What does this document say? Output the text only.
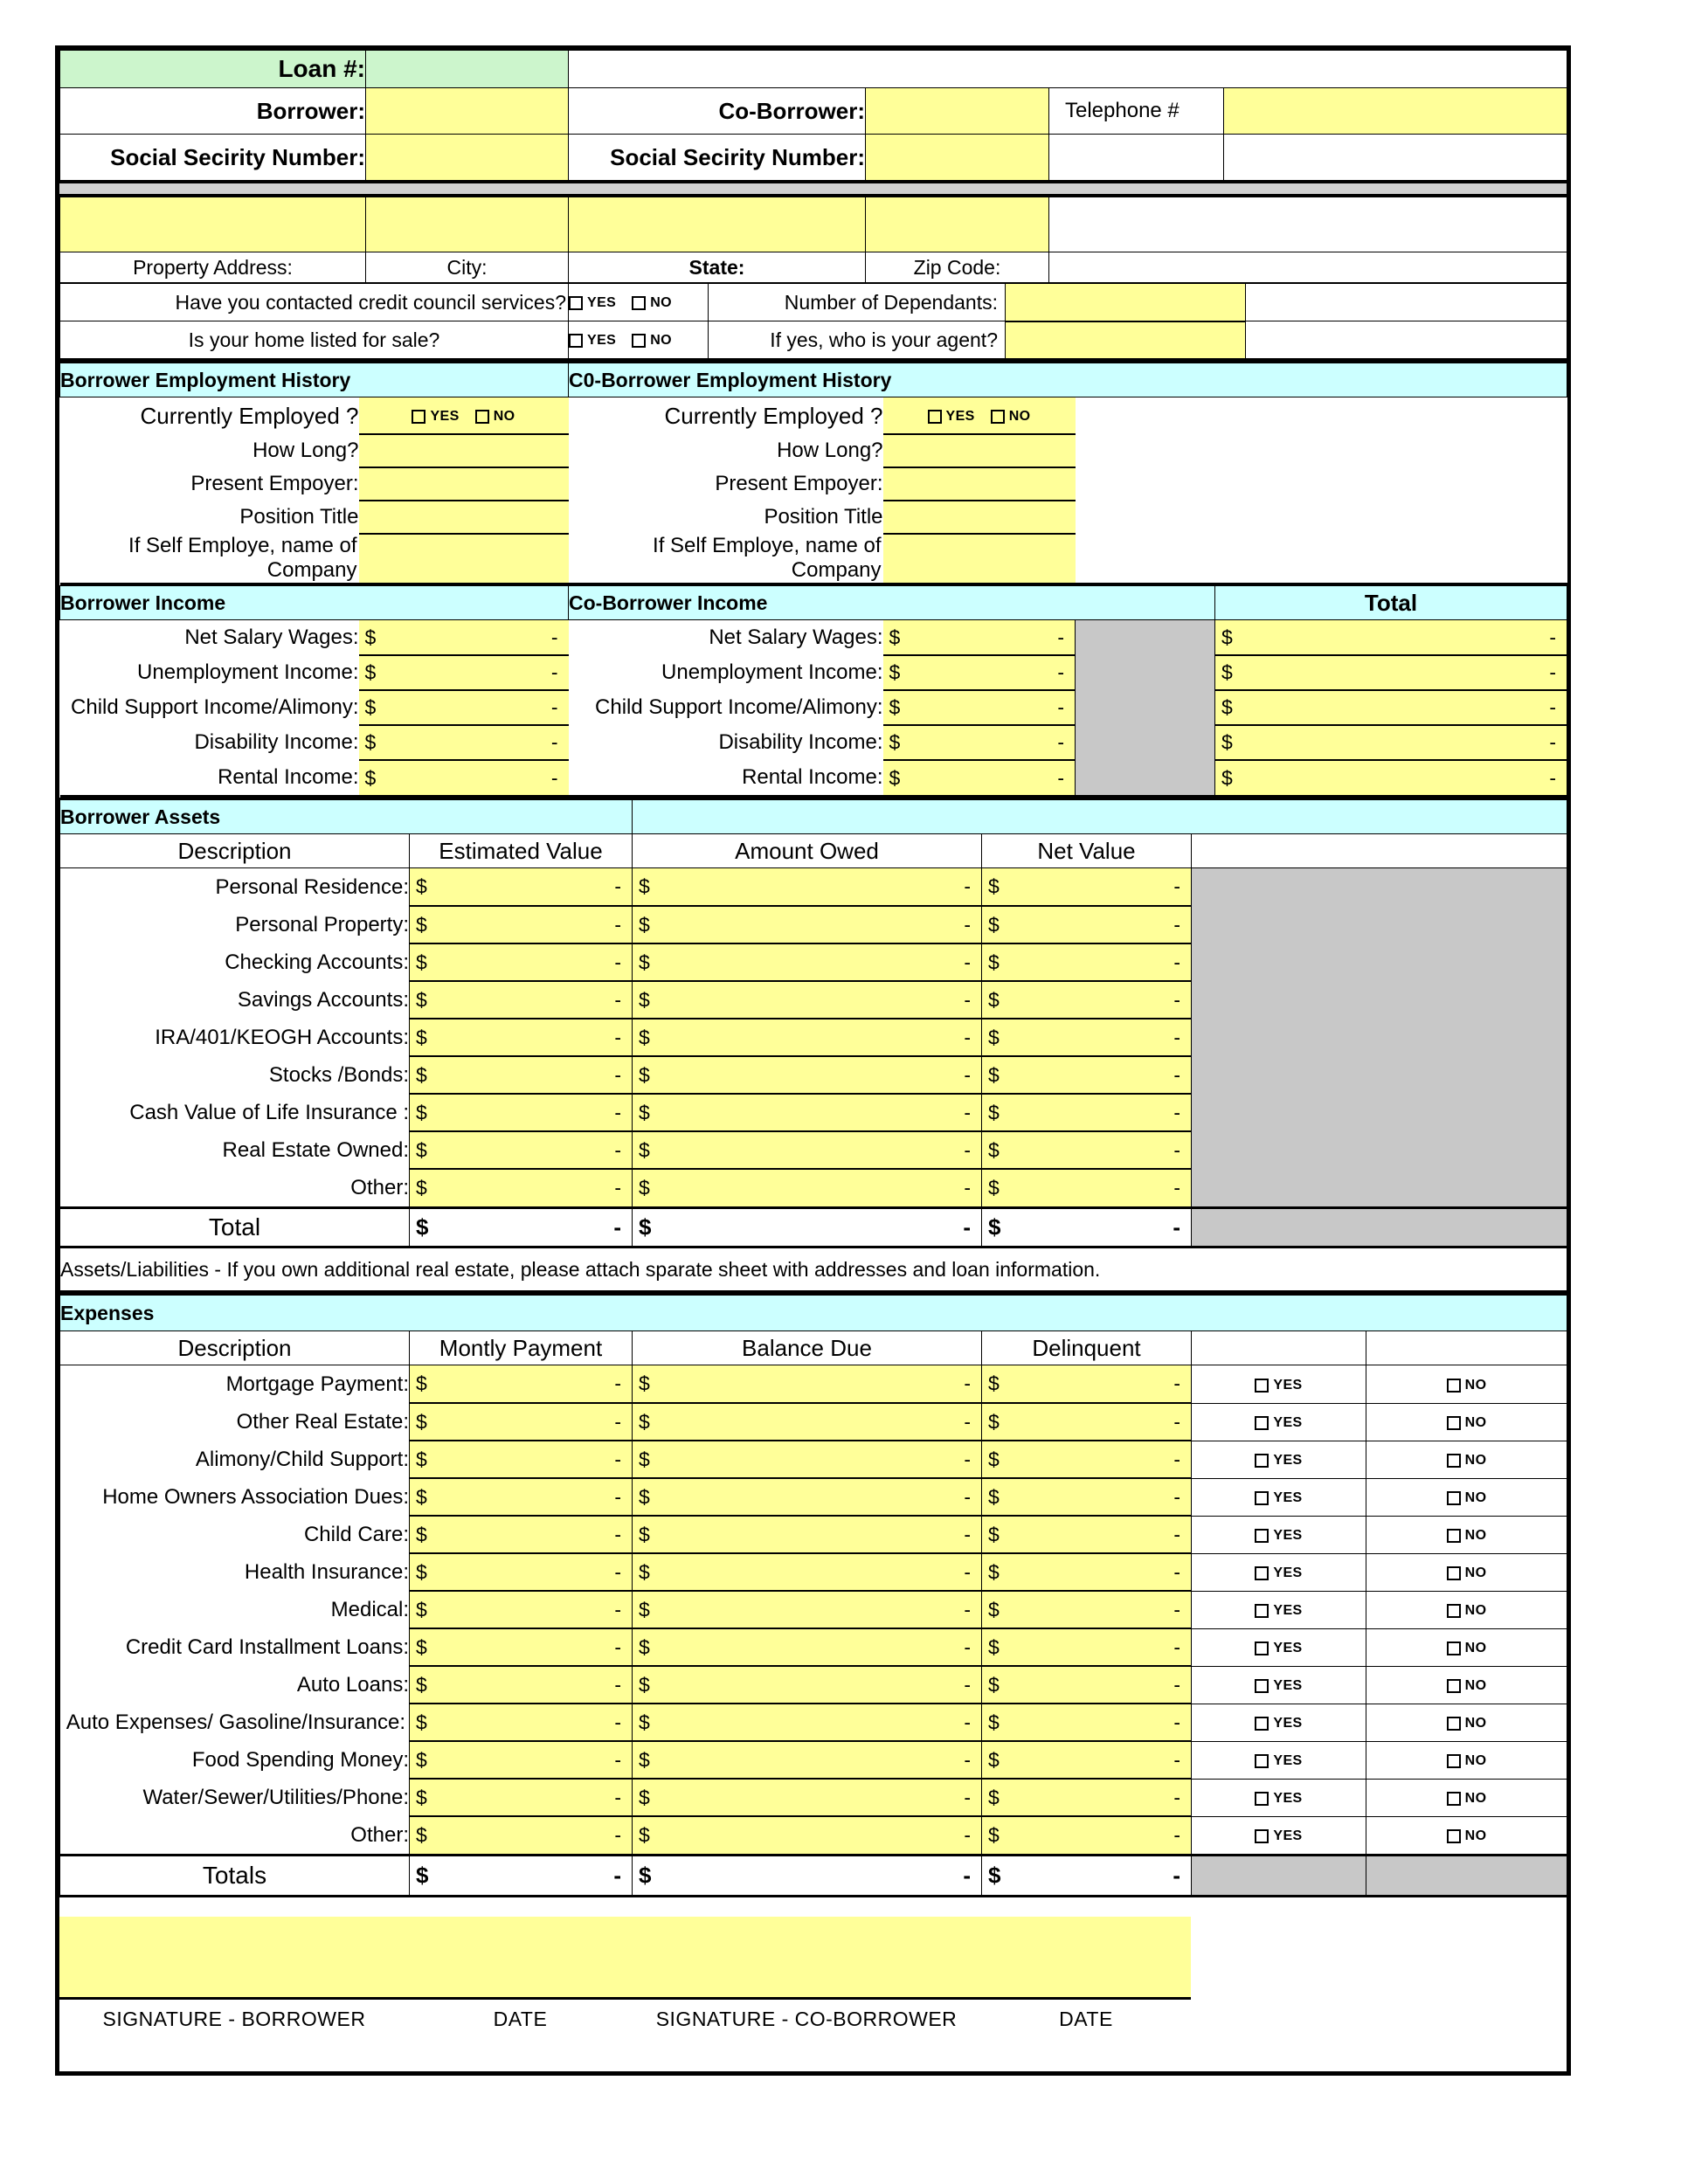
Loan #:					
Borrower:		Co-Borrower:		Telephone #	
Social Secirity Number:		Social Secirity Number:			

Property Address:	City:	State:	Zip Code:	
Have you contacted credit council services?	YES NO	Number of Dependants:		
Is your home listed for sale?	YES NO	If yes, who is your agent?		
Borrower Employment History		C0-Borrower Employment History		
Currently Employed ?	YES NO	Currently Employed ?	YES NO	
How Long?		How Long?		
Present Empoyer:		Present Empoyer:		
Position Title		Position Title		
If Self Employe, name of Company		If Self Employe, name of Company		
Borrower Income		Co-Borrower Income			Total
Net Salary Wages:	$ -	Net Salary Wages:	$ -		$ -

Unemployment Income:	$ -	Unemployment Income:	$ -		$ -

Child Support Income/Alimony:	$ -	Child Support Income/Alimony:	$ -		$ -

Disability Income:	$ -	Disability Income:	$ -		$ -

Rental Income:	$ -	Rental Income:	$ -		$ -
Borrower Assets				
Description	Estimated Value	Amount Owed	Net Value	
Personal Residence:	$ -	$ -	$ -	

Personal Property:	$ -	$ -	$ -	

Checking Accounts:	$ -	$ -	$ -	

Savings Accounts:	$ -	$ -	$ -	

IRA/401/KEOGH Accounts:	$ -	$ -	$ -	

Stocks /Bonds:	$ -	$ -	$ -	

Cash Value of Life Insurance :	$ -	$ -	$ -	

Real Estate Owned:	$ -	$ -	$ -	

Other:	$ -	$ -	$ -	

Total	$ -	$ -	$ -	

Assets/Liabilities - If you own additional real estate, please attach sparate sheet with addresses and loan information.				
Expenses					
Description	Montly Payment	Balance Due	Delinquent		
Mortgage Payment:	$ -	$ -	$ -	YES	NO
Other Real Estate:	$ -	$ -	$ -	YES	NO
Alimony/Child Support:	$ -	$ -	$ -	YES	NO
Home Owners Association Dues:	$ -	$ -	$ -	YES	NO
Child Care:	$ -	$ -	$ -	YES	NO
Health Insurance:	$ -	$ -	$ -	YES	NO
Medical:	$ -	$ -	$ -	YES	NO
Credit Card Installment Loans:	$ -	$ -	$ -	YES	NO
Auto Loans:	$ -	$ -	$ -	YES	NO
Auto Expenses/ Gasoline/Insurance:	$ -	$ -	$ -	YES	NO
Food Spending Money:	$ -	$ -	$ -	YES	NO
Water/Sewer/Utilities/Phone:	$ -	$ -	$ -	YES	NO
Other:	$ -	$ -	$ -	YES	NO
Totals	$ -	$ -	$ -		

SIGNATURE - BORROWER	DATE	SIGNATURE - CO-BORROWER	DATE	
